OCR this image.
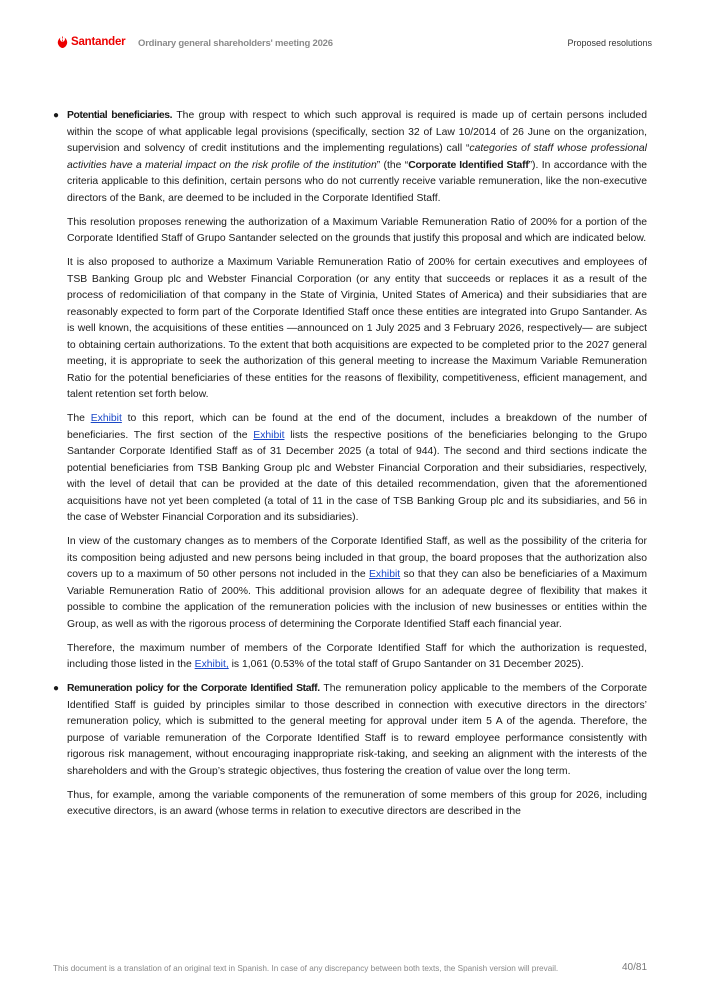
Santander Ordinary general shareholders' meeting 2026	Proposed resolutions

● Potential beneficiaries. The group with respect to which such approval is required is made up of certain persons included within the scope of what applicable legal provisions (specifically, section 32 of Law 10/2014 of 26 June on the organization, supervision and solvency of credit institutions and the implementing regulations) call “categories of staff whose professional activities have a material impact on the risk profile of the institution” (the “Corporate Identified Staff”). In accordance with the criteria applicable to this definition, certain persons who do not currently receive variable remuneration, like the non-executive directors of the Bank, are deemed to be included in the Corporate Identified Staff.

This resolution proposes renewing the authorization of a Maximum Variable Remuneration Ratio of 200% for a portion of the Corporate Identified Staff of Grupo Santander selected on the grounds that justify this proposal and which are indicated below.

It is also proposed to authorize a Maximum Variable Remuneration Ratio of 200% for certain executives and employees of TSB Banking Group plc and Webster Financial Corporation (or any entity that succeeds or replaces it as a result of the process of redomiciliation of that company in the State of Virginia, United States of America) and their subsidiaries that are reasonably expected to form part of the Corporate Identified Staff once these entities are integrated into Grupo Santander. As is well known, the acquisitions of these entities —announced on 1 July 2025 and 3 February 2026, respectively— are subject to obtaining certain authorizations. To the extent that both acquisitions are expected to be completed prior to the 2027 general meeting, it is appropriate to seek the authorization of this general meeting to increase the Maximum Variable Remuneration Ratio for the potential beneficiaries of these entities for the reasons of flexibility, competitiveness, efficient management, and talent retention set forth below.

The Exhibit to this report, which can be found at the end of the document, includes a breakdown of the number of beneficiaries. The first section of the Exhibit lists the respective positions of the beneficiaries belonging to the Grupo Santander Corporate Identified Staff as of 31 December 2025 (a total of 944). The second and third sections indicate the potential beneficiaries from TSB Banking Group plc and Webster Financial Corporation and their subsidiaries, respectively, with the level of detail that can be provided at the date of this detailed recommendation, given that the aforementioned acquisitions have not yet been completed (a total of 11 in the case of TSB Banking Group plc and its subsidiaries, and 56 in the case of Webster Financial Corporation and its subsidiaries).

In view of the customary changes as to members of the Corporate Identified Staff, as well as the possibility of the criteria for its composition being adjusted and new persons being included in that group, the board proposes that the authorization also covers up to a maximum of 50 other persons not included in the Exhibit so that they can also be beneficiaries of a Maximum Variable Remuneration Ratio of 200%. This additional provision allows for an adequate degree of flexibility that makes it possible to combine the application of the remuneration policies with the inclusion of new businesses or entities within the Group, as well as with the rigorous process of determining the Corporate Identified Staff each financial year.

Therefore, the maximum number of members of the Corporate Identified Staff for which the authorization is requested, including those listed in the Exhibit, is 1,061 (0.53% of the total staff of Grupo Santander on 31 December 2025).

● Remuneration policy for the Corporate Identified Staff. The remuneration policy applicable to the members of the Corporate Identified Staff is guided by principles similar to those described in connection with executive directors in the directors’ remuneration policy, which is submitted to the general meeting for approval under item 5 A of the agenda. Therefore, the purpose of variable remuneration of the Corporate Identified Staff is to reward employee performance consistently with rigorous risk management, without encouraging inappropriate risk-taking, and seeking an alignment with the interests of the shareholders and with the Group’s strategic objectives, thus fostering the creation of value over the long term.

Thus, for example, among the variable components of the remuneration of some members of this group for 2026, including executive directors, is an award (whose terms in relation to executive directors are described in the

This document is a translation of an original text in Spanish. In case of any discrepancy between both texts, the Spanish version will prevail.	40/81
